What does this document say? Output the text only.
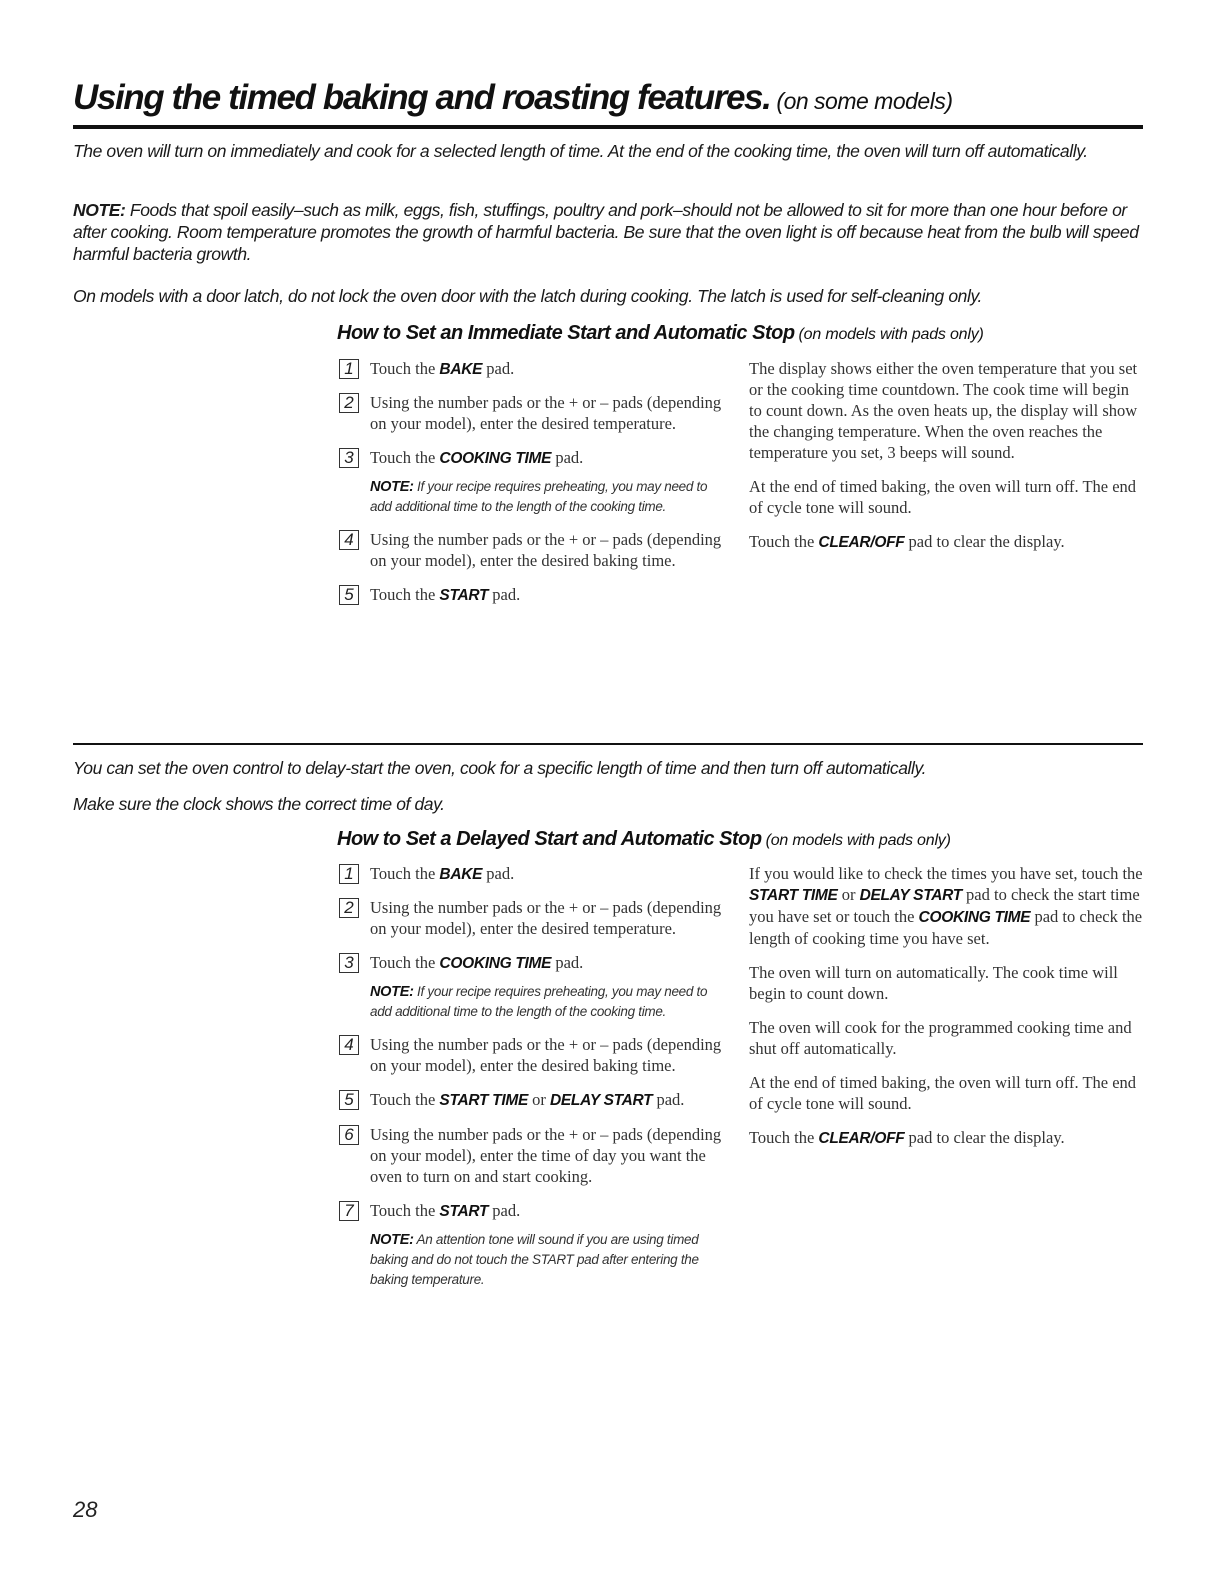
Using the timed baking and roasting features. (on some models)

The oven will turn on immediately and cook for a selected length of time. At the end of the cooking time, the oven will turn off automatically.

NOTE: Foods that spoil easily–such as milk, eggs, fish, stuffings, poultry and pork–should not be allowed to sit for more than one hour before or after cooking. Room temperature promotes the growth of harmful bacteria. Be sure that the oven light is off because heat from the bulb will speed harmful bacteria growth.

On models with a door latch, do not lock the oven door with the latch during cooking. The latch is used for self-cleaning only.

How to Set an Immediate Start and Automatic Stop (on models with pads only)
1 Touch the BAKE pad.
2 Using the number pads or the + or – pads (depending on your model), enter the desired temperature.
3 Touch the COOKING TIME pad.
NOTE: If your recipe requires preheating, you may need to add additional time to the length of the cooking time.
4 Using the number pads or the + or – pads (depending on your model), enter the desired baking time.
5 Touch the START pad.

The display shows either the oven temperature that you set or the cooking time countdown. The cook time will begin to count down. As the oven heats up, the display will show the changing temperature. When the oven reaches the temperature you set, 3 beeps will sound.

At the end of timed baking, the oven will turn off. The end of cycle tone will sound.

Touch the CLEAR/OFF pad to clear the display.

You can set the oven control to delay-start the oven, cook for a specific length of time and then turn off automatically.

Make sure the clock shows the correct time of day.

How to Set a Delayed Start and Automatic Stop (on models with pads only)
1 Touch the BAKE pad.
2 Using the number pads or the + or – pads (depending on your model), enter the desired temperature.
3 Touch the COOKING TIME pad.
NOTE: If your recipe requires preheating, you may need to add additional time to the length of the cooking time.
4 Using the number pads or the + or – pads (depending on your model), enter the desired baking time.
5 Touch the START TIME or DELAY START pad.
6 Using the number pads or the + or – pads (depending on your model), enter the time of day you want the oven to turn on and start cooking.
7 Touch the START pad.
NOTE: An attention tone will sound if you are using timed baking and do not touch the START pad after entering the baking temperature.

If you would like to check the times you have set, touch the START TIME or DELAY START pad to check the start time you have set or touch the COOKING TIME pad to check the length of cooking time you have set.

The oven will turn on automatically. The cook time will begin to count down.

The oven will cook for the programmed cooking time and shut off automatically.

At the end of timed baking, the oven will turn off. The end of cycle tone will sound.

Touch the CLEAR/OFF pad to clear the display.

28
